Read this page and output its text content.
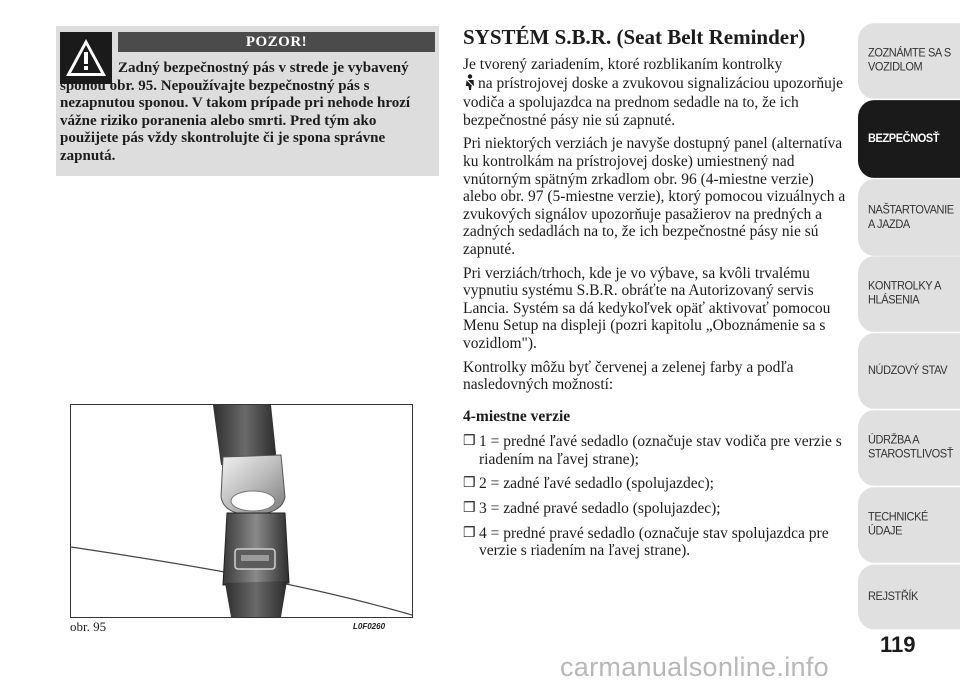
POZOR!

Zadný bezpečnostný pás v strede je vybavený sponou obr. 95. Nepoužívajte bezpečnostný pás s nezapnutou sponou. V takom prípade pri nehode hrozí vážne riziko poranenia alebo smrti. Pred tým ako použijete pás vždy skontrolujte či je spona správne zapnutá.

obr. 95	L0F0260
SYSTÉM S.B.R. (Seat Belt Reminder)

Je tvorený zariadením, ktoré rozblikaním kontrolky
na prístrojovej doske a zvukovou signalizáciou upozorňuje vodiča a spolujazdca na prednom sedadle na to, že ich bezpečnostné pásy nie sú zapnuté.

Pri niektorých verziách je navyše dostupný panel (alternatíva ku kontrolkám na prístrojovej doske) umiestnený nad vnútorným spätným zrkadlom obr. 96 (4-miestne verzie) alebo obr. 97 (5-miestne verzie), ktorý pomocou vizuálnych a zvukových signálov upozorňuje pasažierov na predných a zadných sedadlách na to, že ich bezpečnostné pásy nie sú zapnuté.

Pri verziách/trhoch, kde je vo výbave, sa kvôli trvalému vypnutiu systému S.B.R. obráťte na Autorizovaný servis Lancia. Systém sa dá kedykoľvek opäť aktivovať pomocou Menu Setup na displeji (pozri kapitolu „Oboznámenie sa s vozidlom").

Kontrolky môžu byť červenej a zelenej farby a podľa nasledovných možností:

4-miestne verzie

❒ 1 = predné ľavé sedadlo (označuje stav vodiča pre verzie s riadením na ľavej strane);
❒ 2 = zadné ľavé sedadlo (spolujazdec);
❒ 3 = zadné pravé sedadlo (spolujazdec);
❒ 4 = predné pravé sedadlo (označuje stav spolujazdca pre verzie s riadením na ľavej strane).
ZOZNÁMTE SA S
VOZIDLOM
BEZPEČNOSŤ
NAŠTARTOVANIE
A JAZDA
KONTROLKY A
HLÁSENIA
NÚDZOVÝ STAV
ÚDRŽBA A
STAROSTLIVOSŤ
TECHNICKÉ
ÚDAJE
REJSTŘÍK
119
carmanualsonline.info
